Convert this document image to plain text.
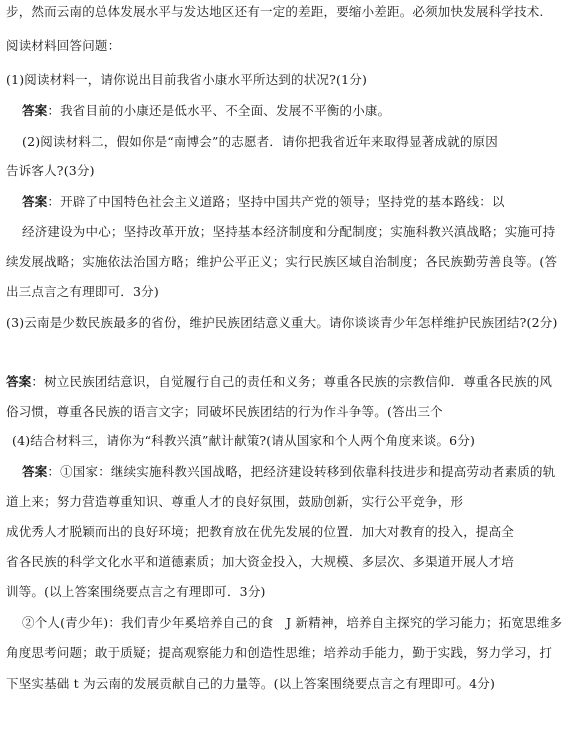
步，然而云南的总体发展水平与发达地区还有一定的差距，要缩小差距。必须加快发展科学技术.
阅读材料回答问题：
(1)阅读材料一，请你说出目前我省小康水平所达到的状况?(1分)
答案：我省目前的小康还是低水平、不全面、发展不平衡的小康。
(2)阅读材料二，假如你是“南博会”的志愿者．请你把我省近年来取得显著成就的原因
告诉客人?(3分)
答案：开辟了中国特色社会主义道路；坚持中国共产党的领导；坚持党的基本路线：以
经济建设为中心；坚持改革开放；坚持基本经济制度和分配制度；实施科教兴滇战略；实施可持
续发展战略；实施依法治国方略；维护公平正义；实行民族区域自治制度；各民族勤劳善良等。(答
出三点言之有理即可．3分)
(3)云南是少数民族最多的省份，维护民族团结意义重大。请你谈谈青少年怎样维护民族团结?(2分)
答案：树立民族团结意识，自觉履行自己的责任和义务；尊重各民族的宗教信仰．尊重各民族的风
俗习惯，尊重各民族的语言文字；同破坏民族团结的行为作斗争等。(答出三个
(4)结合材料三，请你为“科教兴滇”献计献策?(请从国家和个人两个角度来谈。6分)
答案：①国家：继续实施科教兴国战略，把经济建设转移到依靠科技进步和提高劳动者素质的轨
道上来；努力营造尊重知识、尊重人才的良好氛围，鼓励创新，实行公平竞争，形
成优秀人才脱颖而出的良好环境；把教育放在优先发展的位置．加大对教育的投入，提高全
省各民族的科学文化水平和道德素质；加大资金投入，大规模、多层次、多渠道开展人才培
训等。(以上答案围绕要点言之有理即可．3分)
②个人(青少年)：我们青少年奚培养自己的食　J 新精神，培养自主探究的学习能力；拓宽思维多
角度思考问题；敢于质疑；提高观察能力和创造性思维；培养动手能力，勤于实践，努力学习，打
下坚实基础 t 为云南的发展贡献自己的力量等。(以上答案围绕要点言之有理即可。4分)
